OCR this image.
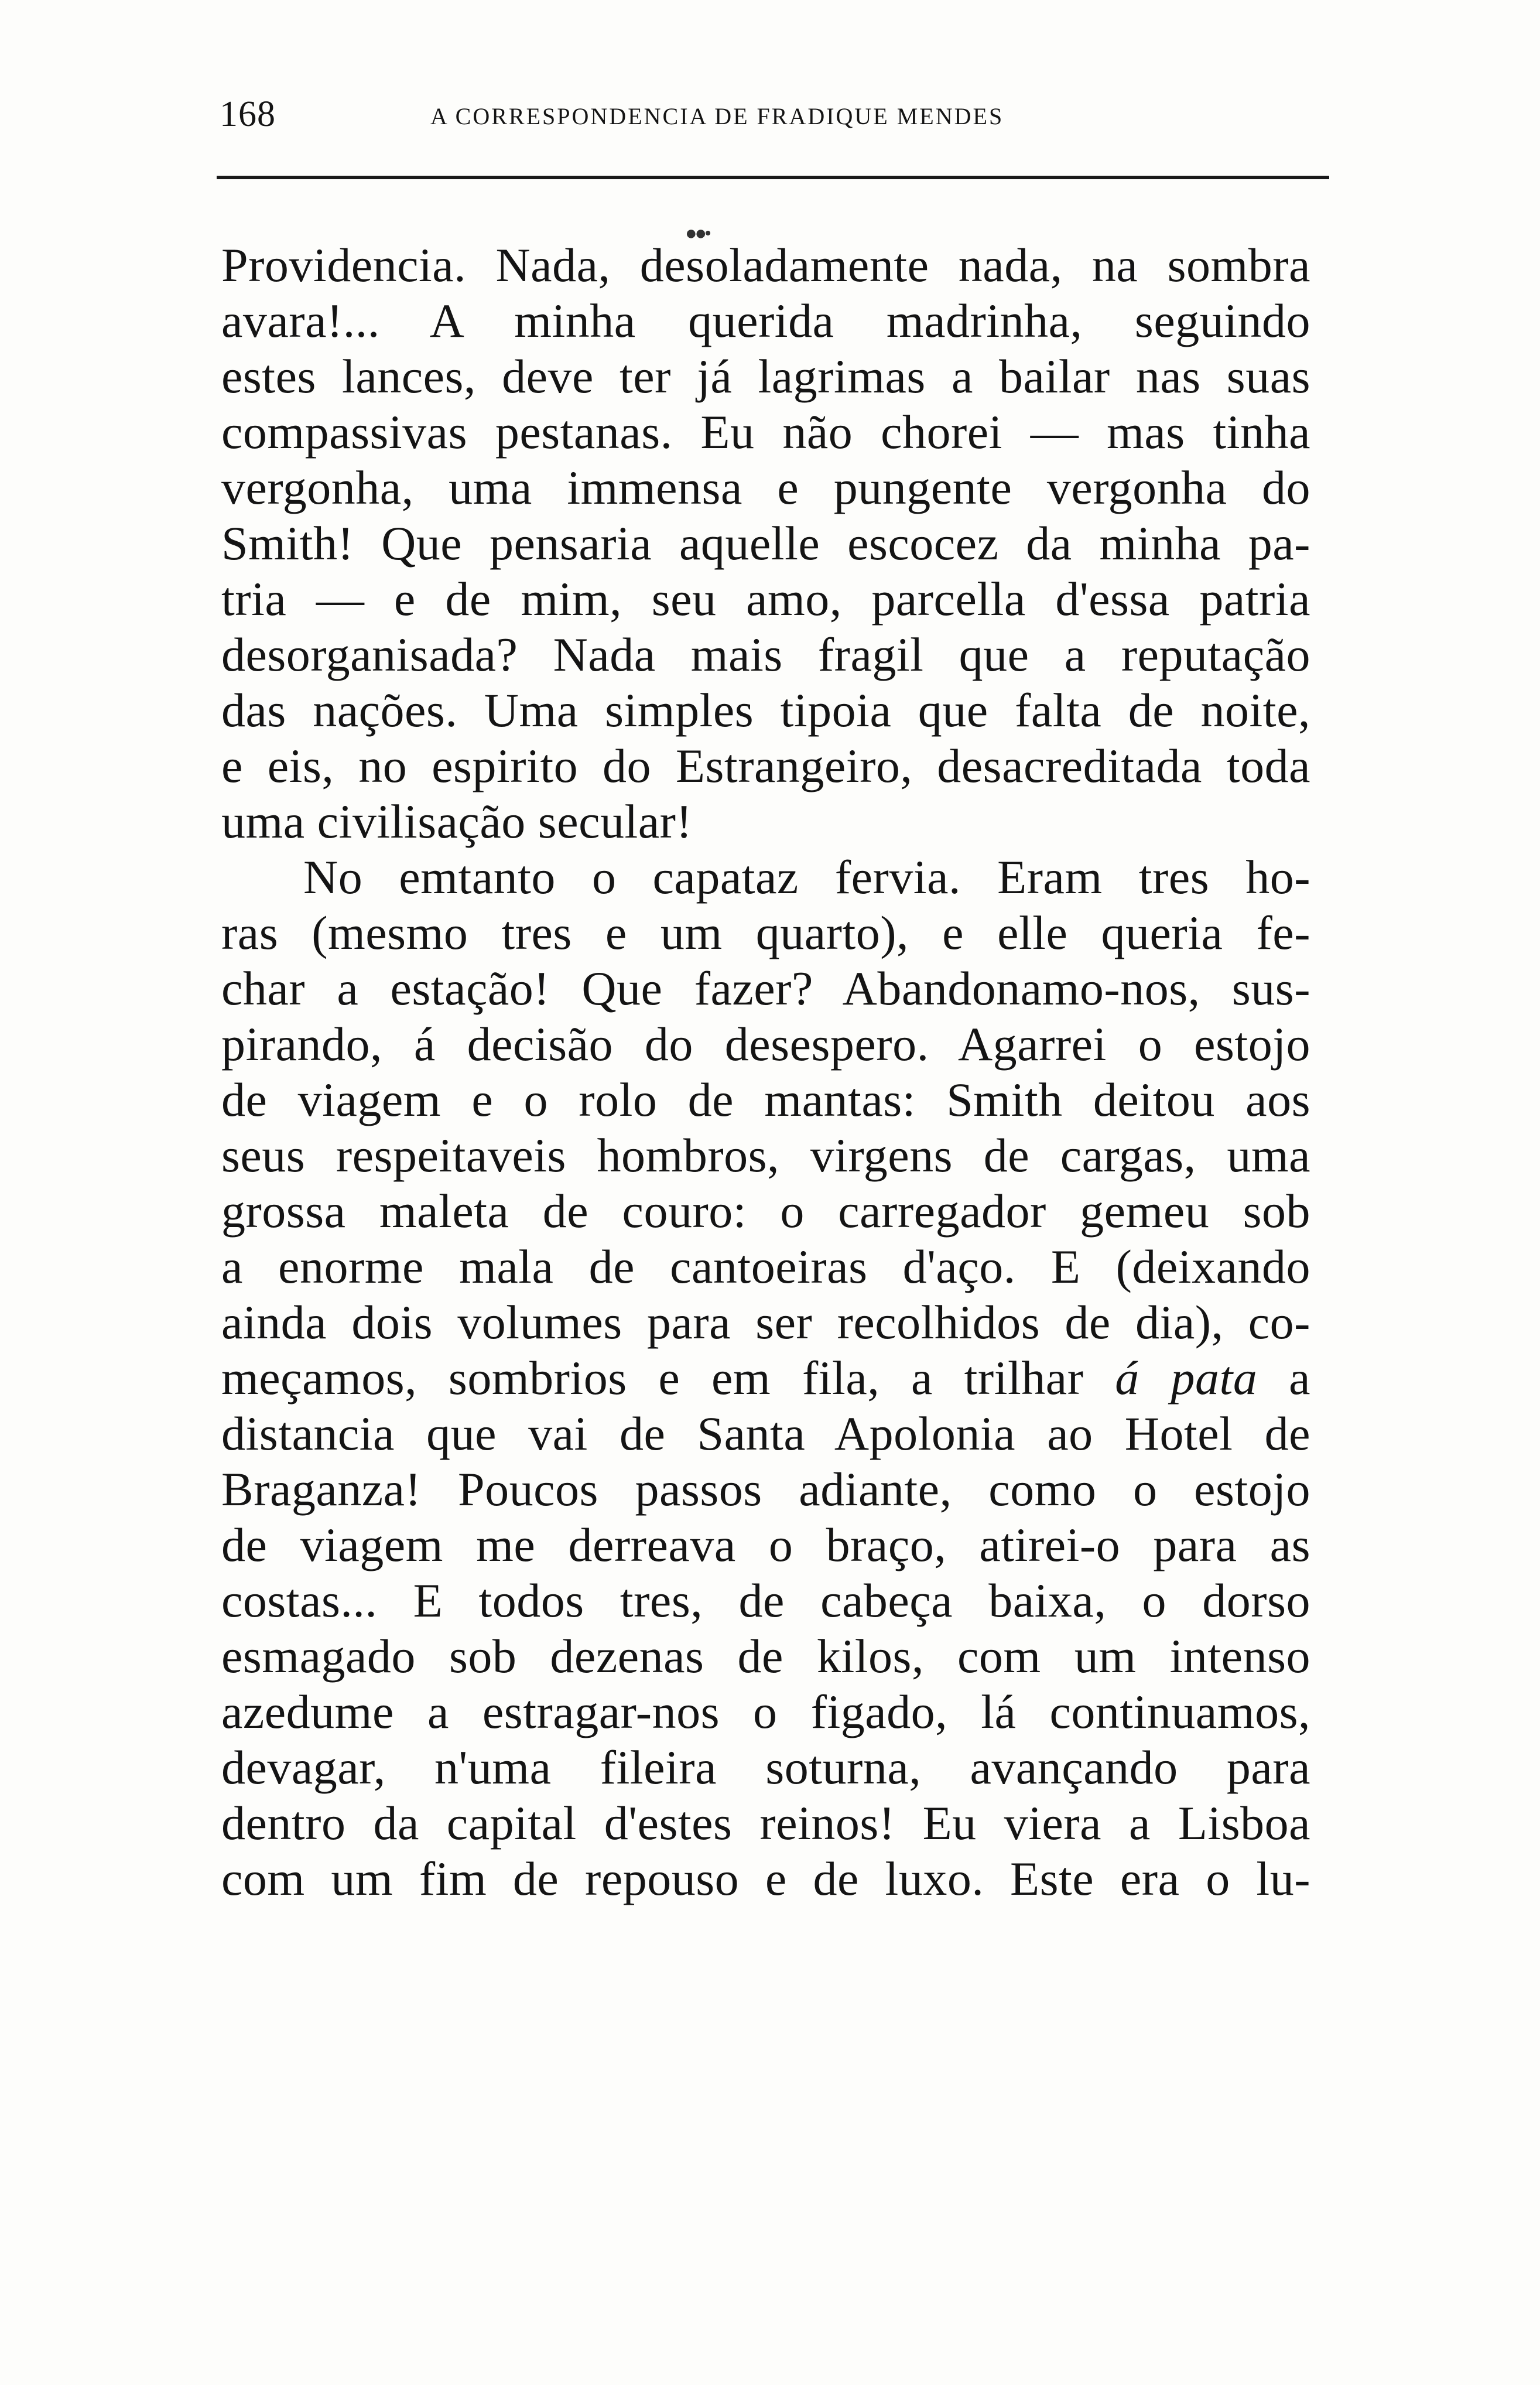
168	A CORRESPONDENCIA DE FRADIQUE MENDES
●●•
Providencia. Nada, desoladamente nada, na sombra
avara!... A minha querida madrinha, seguindo
estes lances, deve ter já lagrimas a bailar nas suas
compassivas pestanas. Eu não chorei — mas tinha
vergonha, uma immensa e pungente vergonha do
Smith! Que pensaria aquelle escocez da minha pa-
tria — e de mim, seu amo, parcella d'essa patria
desorganisada? Nada mais fragil que a reputação
das nações. Uma simples tipoia que falta de noite,
e eis, no espirito do Estrangeiro, desacreditada toda
uma civilisação secular!
No emtanto o capataz fervia. Eram tres ho-
ras (mesmo tres e um quarto), e elle queria fe-
char a estação! Que fazer? Abandonamo-nos, sus-
pirando, á decisão do desespero. Agarrei o estojo
de viagem e o rolo de mantas: Smith deitou aos
seus respeitaveis hombros, virgens de cargas, uma
grossa maleta de couro: o carregador gemeu sob
a enorme mala de cantoeiras d'aço. E (deixando
ainda dois volumes para ser recolhidos de dia), co-
meçamos, sombrios e em fila, a trilhar á pata a
distancia que vai de Santa Apolonia ao Hotel de
Braganza! Poucos passos adiante, como o estojo
de viagem me derreava o braço, atirei-o para as
costas... E todos tres, de cabeça baixa, o dorso
esmagado sob dezenas de kilos, com um intenso
azedume a estragar-nos o figado, lá continuamos,
devagar, n'uma fileira soturna, avançando para
dentro da capital d'estes reinos! Eu viera a Lisboa
com um fim de repouso e de luxo. Este era o lu-
